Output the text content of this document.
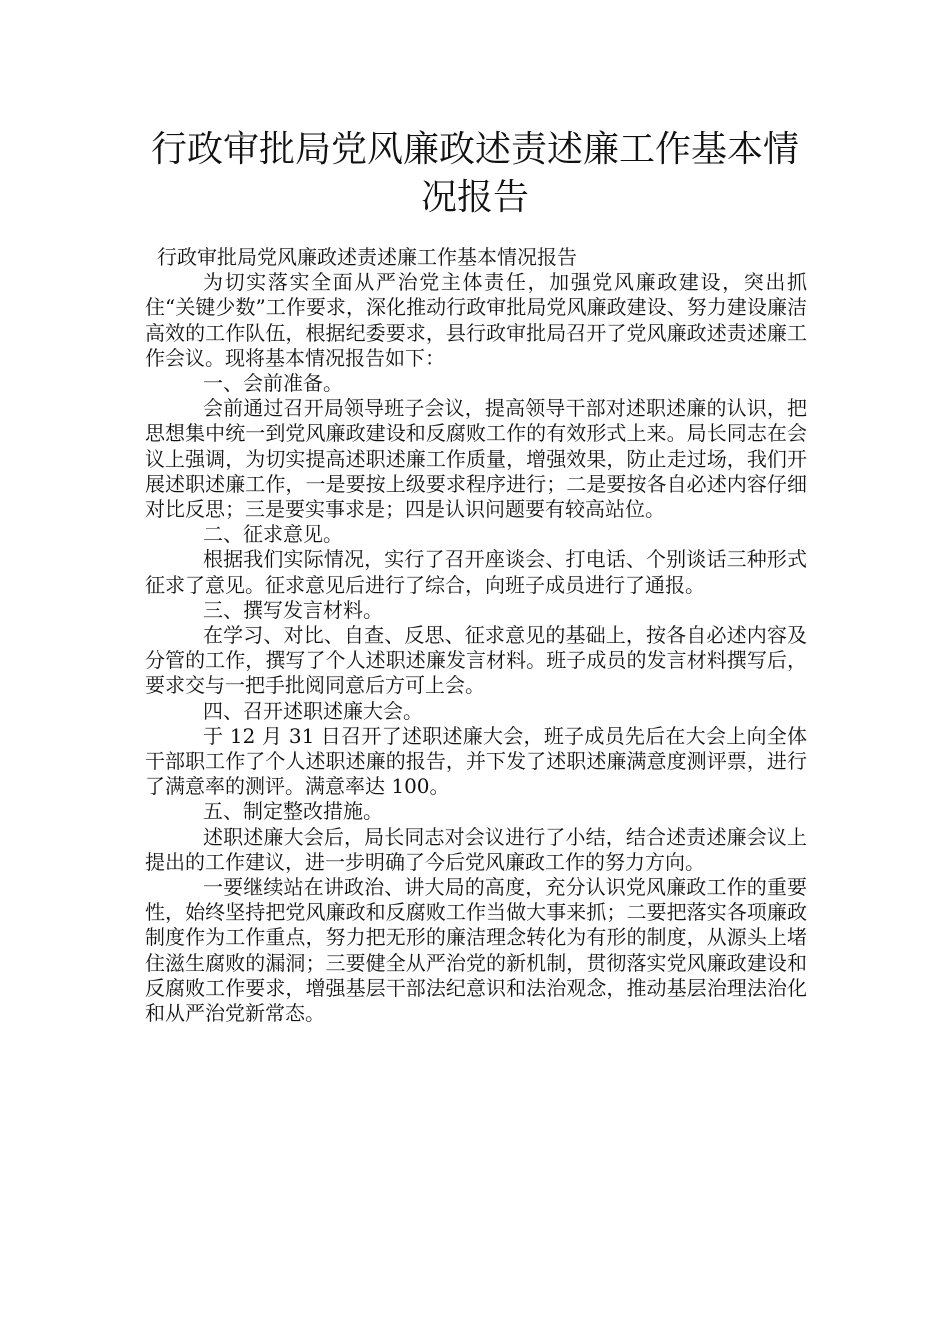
行政审批局党风廉政述责述廉工作基本情
况报告

行政审批局党风廉政述责述廉工作基本情况报告

为切实落实全面从严治党主体责任，加强党风廉政建设，突出抓住“关键少数”工作要求，深化推动行政审批局党风廉政建设、努力建设廉洁高效的工作队伍，根据纪委要求，县行政审批局召开了党风廉政述责述廉工作会议。现将基本情况报告如下：

一、会前准备。

会前通过召开局领导班子会议，提高领导干部对述职述廉的认识，把思想集中统一到党风廉政建设和反腐败工作的有效形式上来。局长同志在会议上强调，为切实提高述职述廉工作质量，增强效果，防止走过场，我们开展述职述廉工作，一是要按上级要求程序进行；二是要按各自必述内容仔细对比反思；三是要实事求是；四是认识问题要有较高站位。

二、征求意见。

根据我们实际情况，实行了召开座谈会、打电话、个别谈话三种形式征求了意见。征求意见后进行了综合，向班子成员进行了通报。

三、撰写发言材料。

在学习、对比、自查、反思、征求意见的基础上，按各自必述内容及分管的工作，撰写了个人述职述廉发言材料。班子成员的发言材料撰写后，要求交与一把手批阅同意后方可上会。

四、召开述职述廉大会。

于 12 月 31 日召开了述职述廉大会，班子成员先后在大会上向全体干部职工作了个人述职述廉的报告，并下发了述职述廉满意度测评票，进行了满意率的测评。满意率达 100。

五、制定整改措施。

述职述廉大会后，局长同志对会议进行了小结，结合述责述廉会议上提出的工作建议，进一步明确了今后党风廉政工作的努力方向。

一要继续站在讲政治、讲大局的高度，充分认识党风廉政工作的重要性，始终坚持把党风廉政和反腐败工作当做大事来抓；二要把落实各项廉政制度作为工作重点，努力把无形的廉洁理念转化为有形的制度，从源头上堵住滋生腐败的漏洞；三要健全从严治党的新机制，贯彻落实党风廉政建设和反腐败工作要求，增强基层干部法纪意识和法治观念，推动基层治理法治化和从严治党新常态。
